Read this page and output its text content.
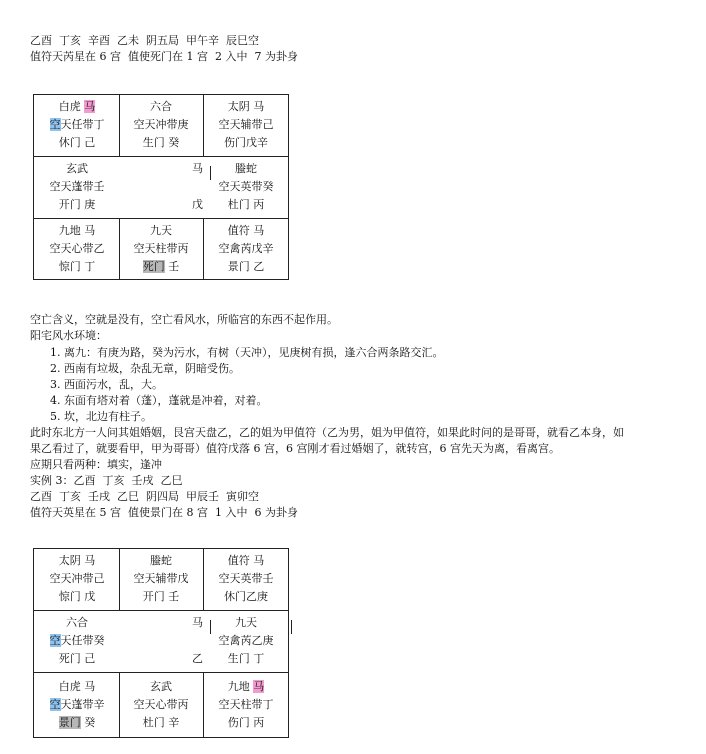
乙酉  丁亥  辛酉  乙未  阴五局  甲午辛  辰巳空
值符天芮星在 6 宫  值使死门在 1 宫  2 入中  7 为卦身
白虎 马
空天任带丁
休门 己
六合
空天冲带庚
生门 癸
太阴 马
空天辅带己
伤门戊辛
玄武
空天蓬带壬
开门 庚
马

戊
螣蛇
空天英带癸
杜门 丙
九地 马
空天心带乙
惊门 丁
九天
空天柱带丙
死门 壬
值符 马
空禽芮戊辛
景门 乙
空亡含义，空就是没有，空亡看风水，所临宫的东西不起作用。
阳宅风水环境：
1. 离九：有庚为路，癸为污水，有树（天冲），见庚树有损，逢六合两条路交汇。
2. 西南有垃圾，杂乱无章，阴暗受伤。
3. 西面污水，乱，大。
4. 东面有塔对着（蓬），蓬就是冲着，对着。
5. 坎，北边有柱子。
此时东北方一人问其姐婚姻，艮宫天盘乙，乙的姐为甲值符（乙为男，姐为甲值符，如果此时问的是哥哥，就看乙本身，如
果乙看过了，就要看甲，甲为哥哥）值符戊落 6 宫，6 宫刚才看过婚姻了，就转宫，6 宫先天为离，看离宫。
应期只看两种：填实，逢冲
实例 3：乙酉  丁亥  壬戌  乙巳
乙酉  丁亥  壬戌  乙巳  阴四局  甲辰壬  寅卯空
值符天英星在 5 宫  值使景门在 8 宫  1 入中  6 为卦身
太阴 马
空天冲带己
惊门 戊
螣蛇
空天辅带戊
开门 壬
值符 马
空天英带壬
休门乙庚
六合
空天任带癸
死门 己
马

乙
九天
空禽芮乙庚
生门 丁
白虎 马
空天蓬带辛
景门 癸
玄武
空天心带丙
杜门 辛
九地 马
空天柱带丁
伤门 丙
